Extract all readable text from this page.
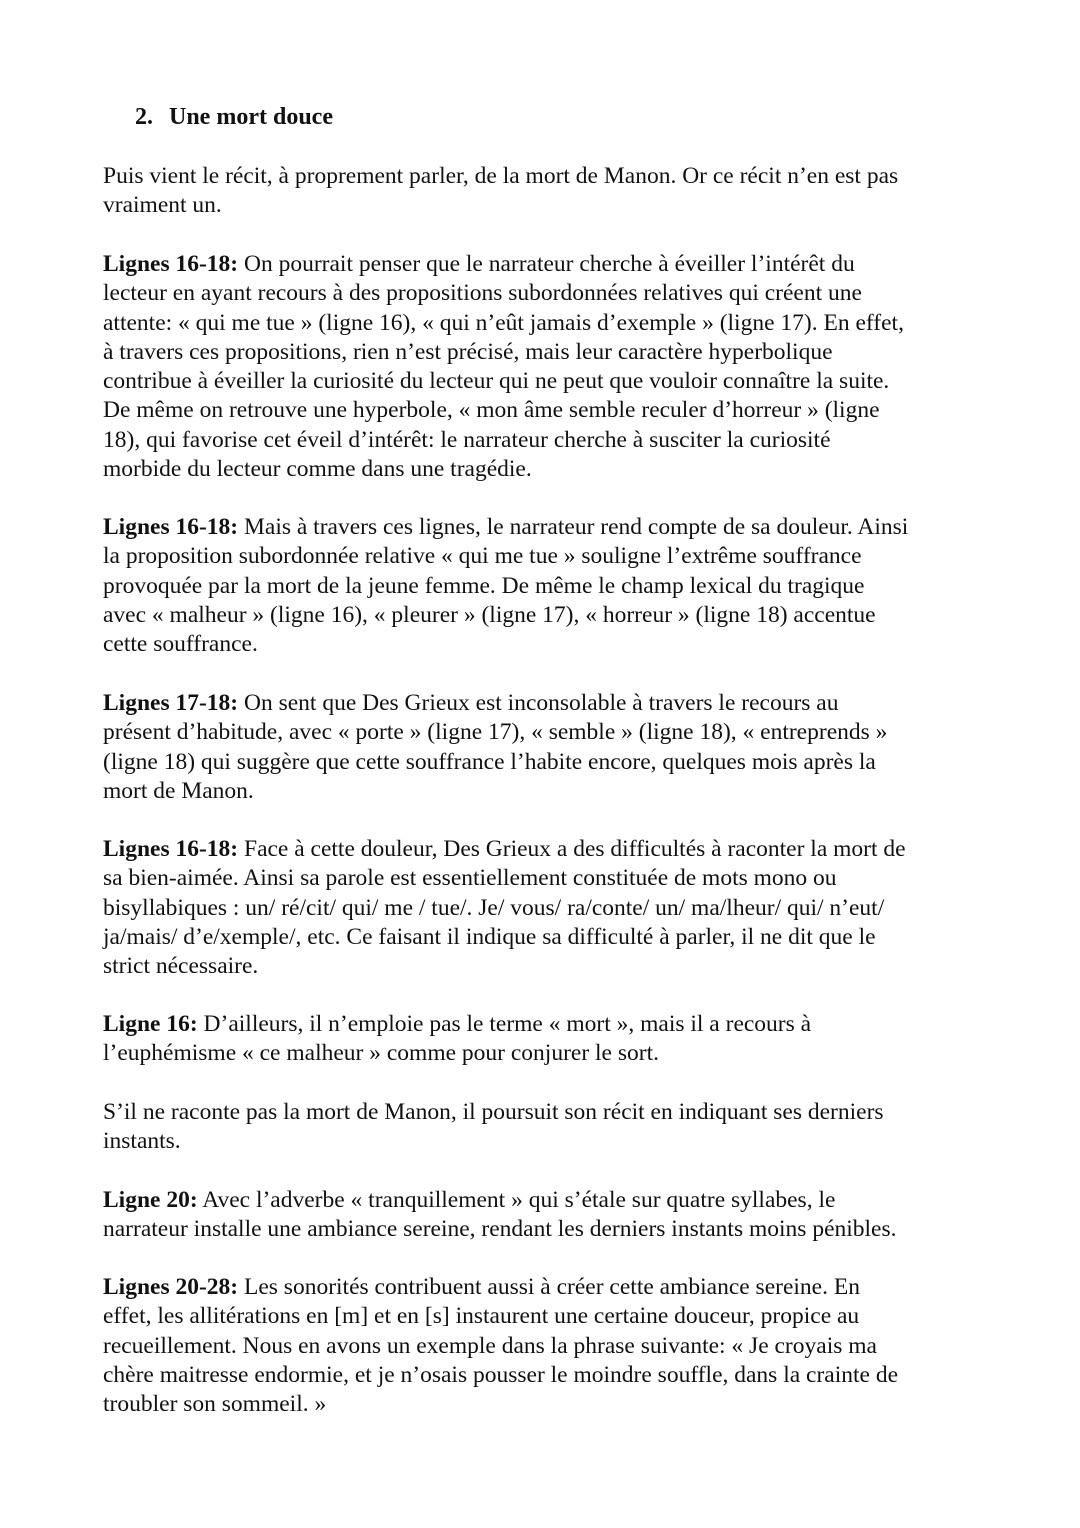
2. Une mort douce

Puis vient le récit, à proprement parler, de la mort de Manon. Or ce récit n’en est pas
vraiment un.

Lignes 16-18: On pourrait penser que le narrateur cherche à éveiller l’intérêt du
lecteur en ayant recours à des propositions subordonnées relatives qui créent une
attente: « qui me tue » (ligne 16), « qui n’eût jamais d’exemple » (ligne 17). En effet,
à travers ces propositions, rien n’est précisé, mais leur caractère hyperbolique
contribue à éveiller la curiosité du lecteur qui ne peut que vouloir connaître la suite.
De même on retrouve une hyperbole, « mon âme semble reculer d’horreur » (ligne
18), qui favorise cet éveil d’intérêt: le narrateur cherche à susciter la curiosité
morbide du lecteur comme dans une tragédie.

Lignes 16-18: Mais à travers ces lignes, le narrateur rend compte de sa douleur. Ainsi
la proposition subordonnée relative « qui me tue » souligne l’extrême souffrance
provoquée par la mort de la jeune femme. De même le champ lexical du tragique
avec « malheur » (ligne 16), « pleurer » (ligne 17), « horreur » (ligne 18) accentue
cette souffrance.

Lignes 17-18: On sent que Des Grieux est inconsolable à travers le recours au
présent d’habitude, avec « porte » (ligne 17), « semble » (ligne 18), « entreprends »
(ligne 18) qui suggère que cette souffrance l’habite encore, quelques mois après la
mort de Manon.

Lignes 16-18: Face à cette douleur, Des Grieux a des difficultés à raconter la mort de
sa bien-aimée. Ainsi sa parole est essentiellement constituée de mots mono ou
bisyllabiques : un/ ré/cit/ qui/ me / tue/. Je/ vous/ ra/conte/ un/ ma/lheur/ qui/ n’eut/
ja/mais/ d’e/xemple/, etc. Ce faisant il indique sa difficulté à parler, il ne dit que le
strict nécessaire.

Ligne 16: D’ailleurs, il n’emploie pas le terme « mort », mais il a recours à
l’euphémisme « ce malheur » comme pour conjurer le sort.

S’il ne raconte pas la mort de Manon, il poursuit son récit en indiquant ses derniers
instants.

Ligne 20: Avec l’adverbe « tranquillement » qui s’étale sur quatre syllabes, le
narrateur installe une ambiance sereine, rendant les derniers instants moins pénibles.

Lignes 20-28: Les sonorités contribuent aussi à créer cette ambiance sereine. En
effet, les allitérations en [m] et en [s] instaurent une certaine douceur, propice au
recueillement. Nous en avons un exemple dans la phrase suivante: « Je croyais ma
chère maitresse endormie, et je n’osais pousser le moindre souffle, dans la crainte de
troubler son sommeil. »
